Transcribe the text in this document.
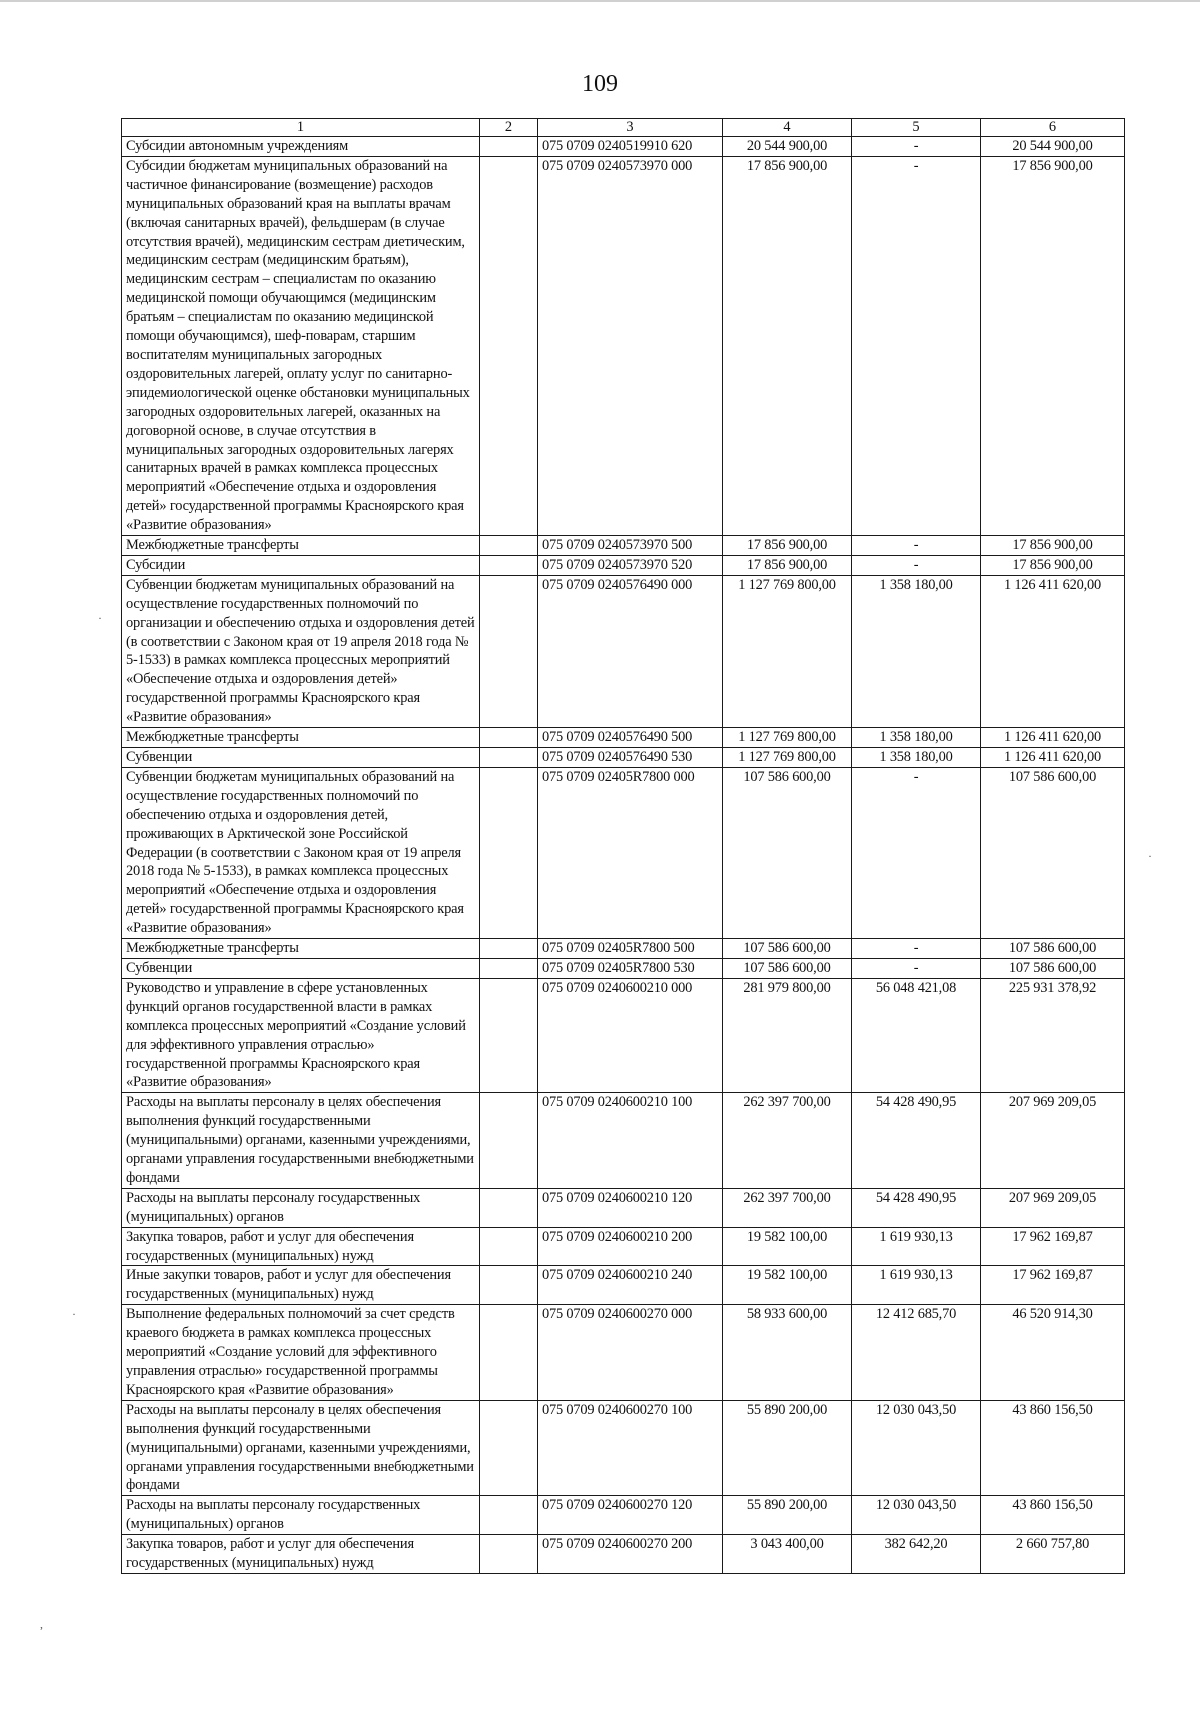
109
1	2	3	4	5	6
Субсидии автономным учреждениям		075 0709 0240519910 620	20 544 900,00	-	20 544 900,00
Субсидии бюджетам муниципальных образований на частичное финансирование (возмещение) расходов муниципальных образований края на выплаты врачам (включая санитарных врачей), фельдшерам (в случае отсутствия врачей), медицинским сестрам диетическим, медицинским сестрам (медицинским братьям), медицинским сестрам – специалистам по оказанию медицинской помощи обучающимся (медицинским братьям – специалистам по оказанию медицинской помощи обучающимся), шеф-поварам, старшим воспитателям муниципальных загородных оздоровительных лагерей, оплату услуг по санитарно-эпидемиологической оценке обстановки муниципальных загородных оздоровительных лагерей, оказанных на договорной основе, в случае отсутствия в муниципальных загородных оздоровительных лагерях санитарных врачей в рамках комплекса процессных мероприятий «Обеспечение отдыха и оздоровления детей» государственной программы Красноярского края «Развитие образования»		075 0709 0240573970 000	17 856 900,00	-	17 856 900,00
Межбюджетные трансферты		075 0709 0240573970 500	17 856 900,00	-	17 856 900,00
Субсидии		075 0709 0240573970 520	17 856 900,00	-	17 856 900,00
Субвенции бюджетам муниципальных образований на осуществление государственных полномочий по организации и обеспечению отдыха и оздоровления детей (в соответствии с Законом края от 19 апреля 2018 года № 5-1533) в рамках комплекса процессных мероприятий «Обеспечение отдыха и оздоровления детей» государственной программы Красноярского края «Развитие образования»		075 0709 0240576490 000	1 127 769 800,00	1 358 180,00	1 126 411 620,00
Межбюджетные трансферты		075 0709 0240576490 500	1 127 769 800,00	1 358 180,00	1 126 411 620,00
Субвенции		075 0709 0240576490 530	1 127 769 800,00	1 358 180,00	1 126 411 620,00
Субвенции бюджетам муниципальных образований на осуществление государственных полномочий по обеспечению отдыха и оздоровления детей, проживающих в Арктической зоне Российской Федерации (в соответствии с Законом края от 19 апреля 2018 года № 5-1533), в рамках комплекса процессных мероприятий «Обеспечение отдыха и оздоровления детей» государственной программы Красноярского края «Развитие образования»		075 0709 02405R7800 000	107 586 600,00	-	107 586 600,00
Межбюджетные трансферты		075 0709 02405R7800 500	107 586 600,00	-	107 586 600,00
Субвенции		075 0709 02405R7800 530	107 586 600,00	-	107 586 600,00
Руководство и управление в сфере установленных функций органов государственной власти в рамках комплекса процессных мероприятий «Создание условий для эффективного управления отраслью» государственной программы Красноярского края «Развитие образования»		075 0709 0240600210 000	281 979 800,00	56 048 421,08	225 931 378,92
Расходы на выплаты персоналу в целях обеспечения выполнения функций государственными (муниципальными) органами, казенными учреждениями, органами управления государственными внебюджетными фондами		075 0709 0240600210 100	262 397 700,00	54 428 490,95	207 969 209,05
Расходы на выплаты персоналу государственных (муниципальных) органов		075 0709 0240600210 120	262 397 700,00	54 428 490,95	207 969 209,05
Закупка товаров, работ и услуг для обеспечения государственных (муниципальных) нужд		075 0709 0240600210 200	19 582 100,00	1 619 930,13	17 962 169,87
Иные закупки товаров, работ и услуг для обеспечения государственных (муниципальных) нужд		075 0709 0240600210 240	19 582 100,00	1 619 930,13	17 962 169,87
Выполнение федеральных полномочий за счет средств краевого бюджета в рамках комплекса процессных мероприятий «Создание условий для эффективного управления отраслью» государственной программы Красноярского края «Развитие образования»		075 0709 0240600270 000	58 933 600,00	12 412 685,70	46 520 914,30
Расходы на выплаты персоналу в целях обеспечения выполнения функций государственными (муниципальными) органами, казенными учреждениями, органами управления государственными внебюджетными фондами		075 0709 0240600270 100	55 890 200,00	12 030 043,50	43 860 156,50
Расходы на выплаты персоналу государственных (муниципальных) органов		075 0709 0240600270 120	55 890 200,00	12 030 043,50	43 860 156,50
Закупка товаров, работ и услуг для обеспечения государственных (муниципальных) нужд		075 0709 0240600270 200	3 043 400,00	382 642,20	2 660 757,80
·
·
·
,
